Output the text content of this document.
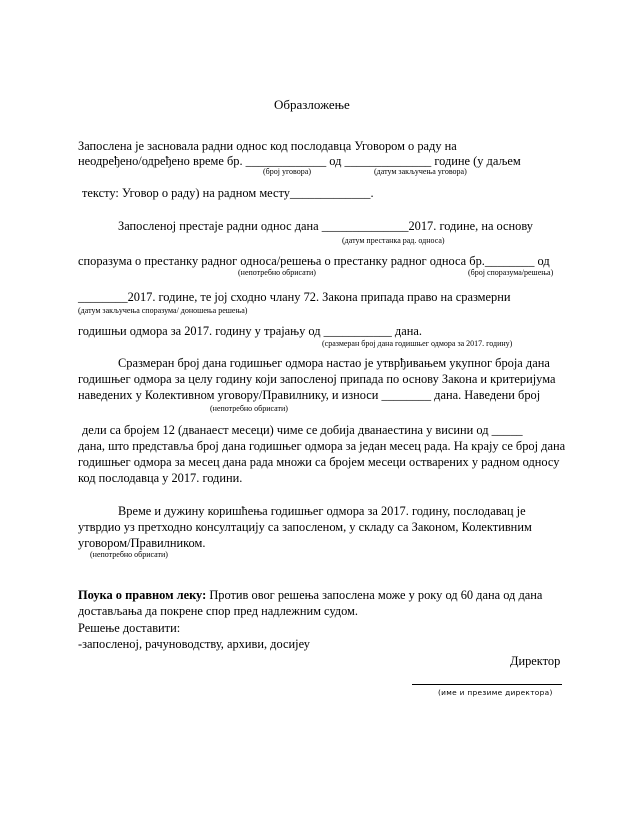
Образложење
Запослена је засновала радни однос код послодавца Уговором о раду на
неодређено/одређено време бр. _____________ од ______________ године (у даљем
(број уговора)	(датум закључења уговора)
тексту: Уговор о раду) на радном месту_____________.
Запосленој престаје радни однос дана ______________2017. године, на основу
(датум престанка рад. односа)
споразума о престанку радног односа/решења о престанку радног односа бр.________ од
(непотребно обрисати)	(број споразума/решења)
________2017. године, те јој сходно члану 72. Закона припада право на сразмерни
(датум закључења споразума/ доношења решења)
годишњи одмора за 2017. годину у трајању од ___________ дана.
(сразмеран број дана годишњег одмора за 2017. годину)
Сразмеран број дана годишњег одмора настао је утврђивањем укупног броја дана
годишњег одмора за целу годину који запосленој припада по основу Закона и критеријума
наведених у Колективном уговору/Правилнику, и износи ________ дана. Наведени број
(непотребно обрисати)
дели са бројем 12 (дванаест месеци) чиме се добија дванаестина у висини од _____
дана, што представља број дана годишњег одмора за један месец рада. На крају се број дана
годишњег одмора за месец дана рада множи са бројем месеци остварених у радном односу
код послодавца у 2017. години.
Време и дужину коришћења годишњег одмора за 2017. годину, послодавац је
утврдио уз претходно консултацију са запосленом, у складу са Законом, Колективним
уговором/Правилником.
(непотребно обрисати)
Поука о правном леку: Против овог решења запослена може у року од 60 дана од дана
достављања да покрене спор пред надлежним судом.
Решење доставити:
-запосленој, рачуноводству, архиви, досијеу
Директор
(име и презиме директора)
